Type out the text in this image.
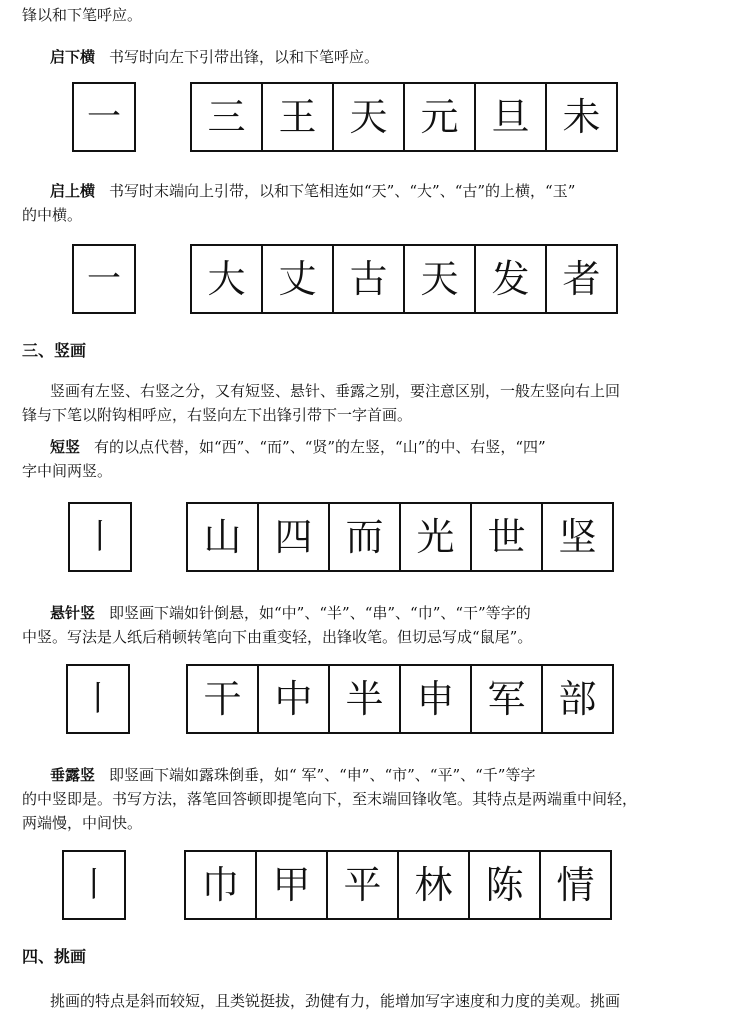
锋以和下笔呼应。
启下横 书写时向左下引带出锋，以和下笔呼应。
一	三 王 天 元 旦 未
启上横 书写时末端向上引带，以和下笔相连如“天”、“大”、“古”的上横，“玉”
的中横。
一	大 丈 古 天 发 者
三、竖画
竖画有左竖、右竖之分，又有短竖、悬针、垂露之别，要注意区别，一般左竖向右上回
锋与下笔以附钩相呼应，右竖向左下出锋引带下一字首画。
短竖 有的以点代替，如“西”、“而”、“贤”的左竖，“山”的中、右竖，“四”
字中间两竖。
丨	山 四 而 光 世 坚
悬针竖 即竖画下端如针倒悬，如“中”、“半”、“串”、“巾”、“干”等字的
中竖。写法是人纸后稍顿转笔向下由重变轻，出锋收笔。但切忌写成“鼠尾”。
丨	干 中 半 申 军 部
垂露竖 即竖画下端如露珠倒垂，如“ 军”、“申”、“市”、“平”、“千”等字
的中竖即是。书写方法，落笔回答顿即提笔向下，至末端回锋收笔。其特点是两端重中间轻，
两端慢，中间快。
丨	巾 甲 平 林 陈 情
四、挑画
挑画的特点是斜而较短，且类锐挺拔，劲健有力，能增加写字速度和力度的美观。挑画
